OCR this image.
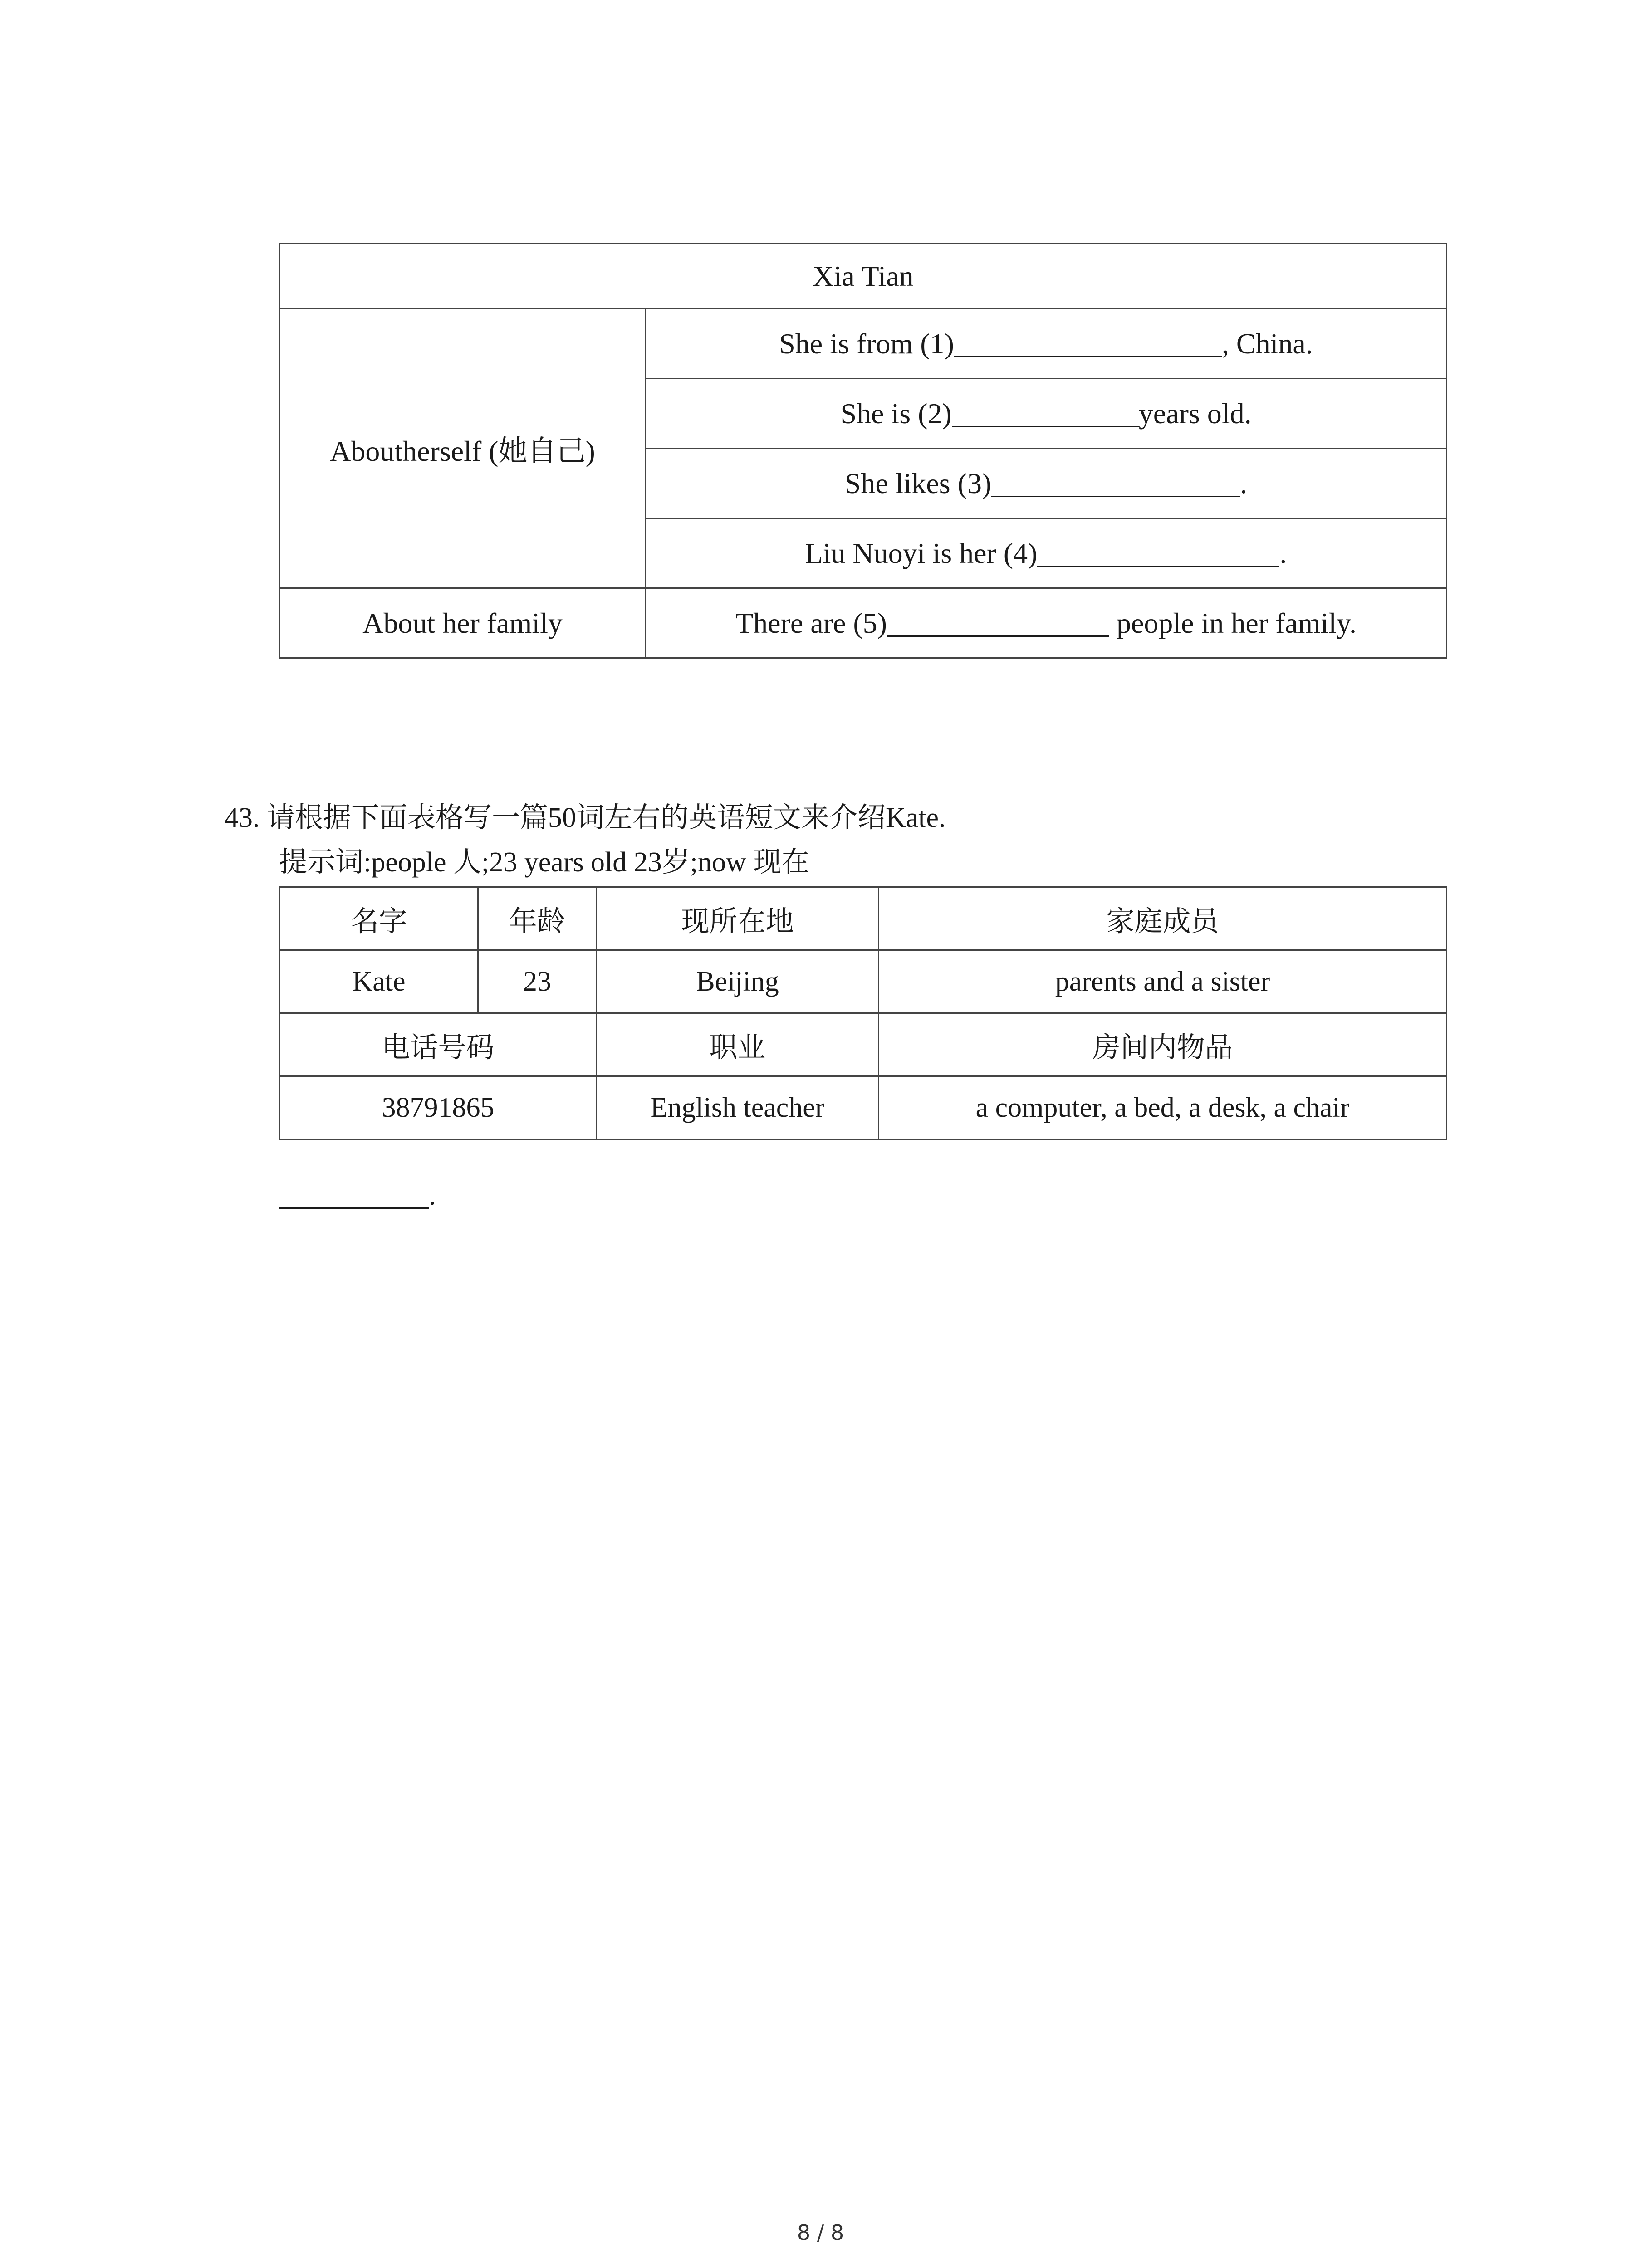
Xia Tian	
Aboutherself (她自己)	She is from (1) , China.
	She is (2) years old.
	She likes (3) .
	Liu Nuoyi is her (4) .
About her family	There are (5) people in her family.
43. 请根据下面表格写一篇50词左右的英语短文来介绍Kate.
提示词:people 人;23 years old 23岁;now 现在
名字	年龄	现所在地	家庭成员
Kate	23	Beijing	parents and a sister
电话号码		职业	房间内物品
38791865		English teacher	a computer, a bed, a desk, a chair
.
8 / 8
